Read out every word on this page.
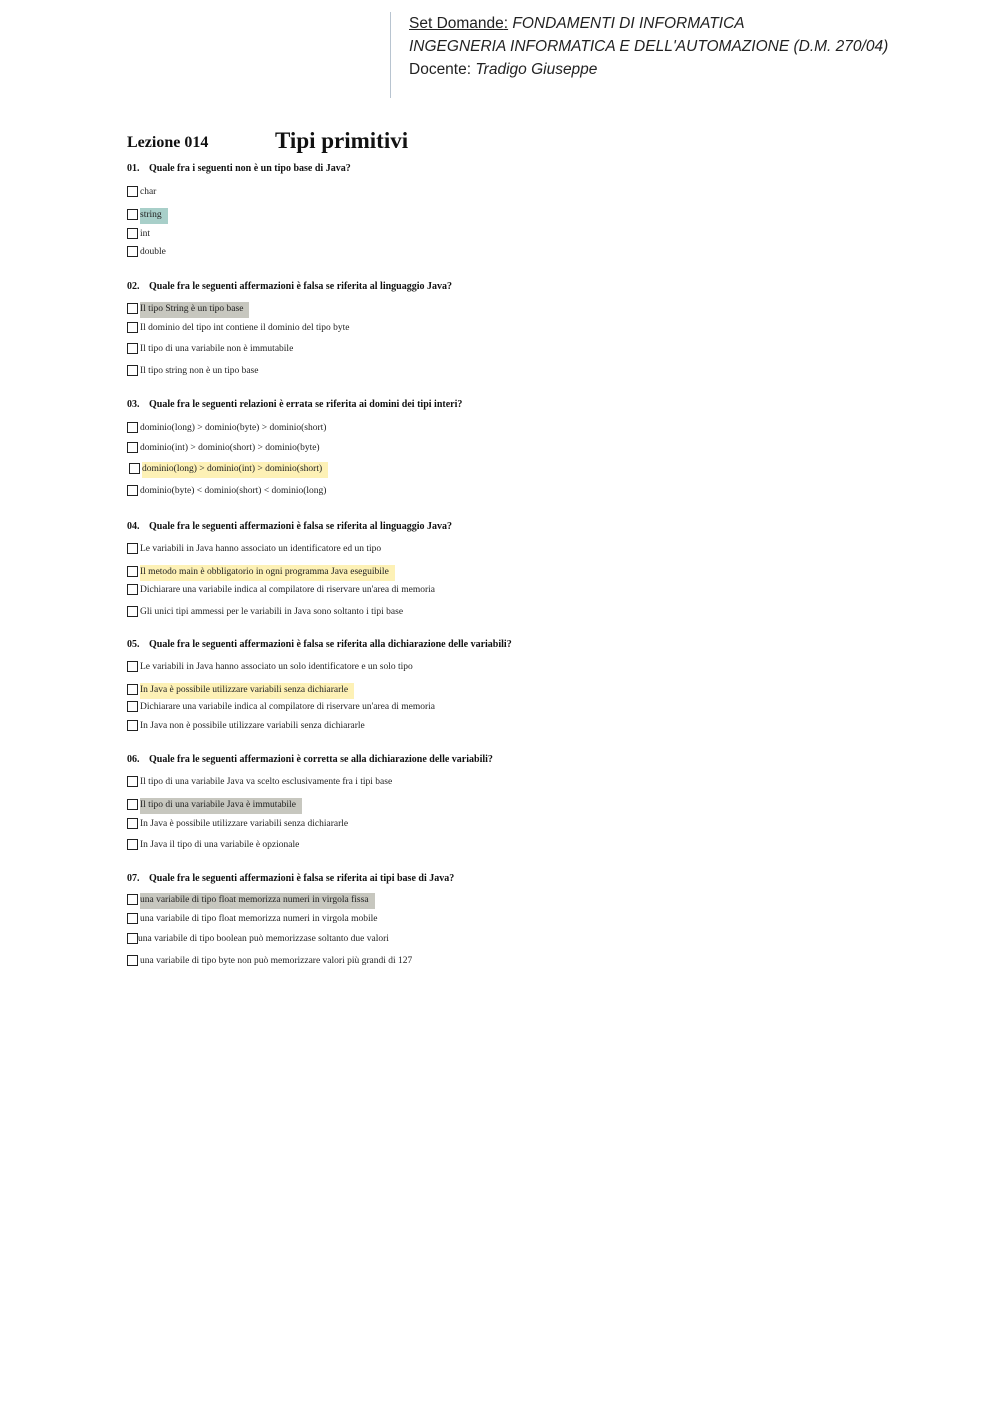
Set Domande: FONDAMENTI DI INFORMATICA
INGEGNERIA INFORMATICA E DELL'AUTOMAZIONE (D.M. 270/04)
Docente: Tradigo Giuseppe
Lezione 014	Tipi primitivi
01. Quale fra i seguenti non è un tipo base di Java?
char
string
int
double
02. Quale fra le seguenti affermazioni è falsa se riferita al linguaggio Java?
Il tipo String è un tipo base
Il dominio del tipo int contiene il dominio del tipo byte
Il tipo di una variabile non è immutabile
Il tipo string non è un tipo base
03. Quale fra le seguenti relazioni è errata se riferita ai domini dei tipi interi?
dominio(long) > dominio(byte) > dominio(short)
dominio(int) > dominio(short) > dominio(byte)
dominio(long) > dominio(int) > dominio(short)
dominio(byte) < dominio(short) < dominio(long)
04. Quale fra le seguenti affermazioni è falsa se riferita al linguaggio Java?
Le variabili in Java hanno associato un identificatore ed un tipo
Il metodo main è obbligatorio in ogni programma Java eseguibile
Dichiarare una variabile indica al compilatore di riservare un'area di memoria
Gli unici tipi ammessi per le variabili in Java sono soltanto i tipi base
05. Quale fra le seguenti affermazioni è falsa se riferita alla dichiarazione delle variabili?
Le variabili in Java hanno associato un solo identificatore e un solo tipo
In Java è possibile utilizzare variabili senza dichiararle
Dichiarare una variabile indica al compilatore di riservare un'area di memoria
In Java non è possibile utilizzare variabili senza dichiararle
06. Quale fra le seguenti affermazioni è corretta se alla dichiarazione delle variabili?
Il tipo di una variabile Java va scelto esclusivamente fra i tipi base
Il tipo di una variabile Java è immutabile
In Java è possibile utilizzare variabili senza dichiararle
In Java il tipo di una variabile è opzionale
07. Quale fra le seguenti affermazioni è falsa se riferita ai tipi base di Java?
una variabile di tipo float memorizza numeri in virgola fissa
una variabile di tipo float memorizza numeri in virgola mobile
una variabile di tipo boolean può memorizzase soltanto due valori
una variabile di tipo byte non può memorizzare valori più grandi di 127
